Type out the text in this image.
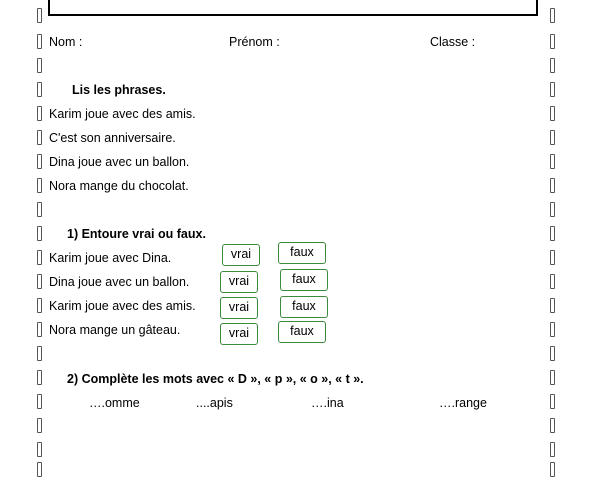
Nom :	Prénom :	Classe :
Lis les phrases.
Karim joue avec des amis.
C'est son anniversaire.
Dina joue avec un ballon.
Nora mange du chocolat.
1) Entoure vrai ou faux.
Karim joue avec Dina.	vrai	faux
Dina joue avec un ballon.	vrai	faux
Karim joue avec des amis.	vrai	faux
Nora mange un gâteau.	vrai	faux
2) Complète les mots avec « D », « p », « o », « t ».
….omme	....apis	….ina	….range
